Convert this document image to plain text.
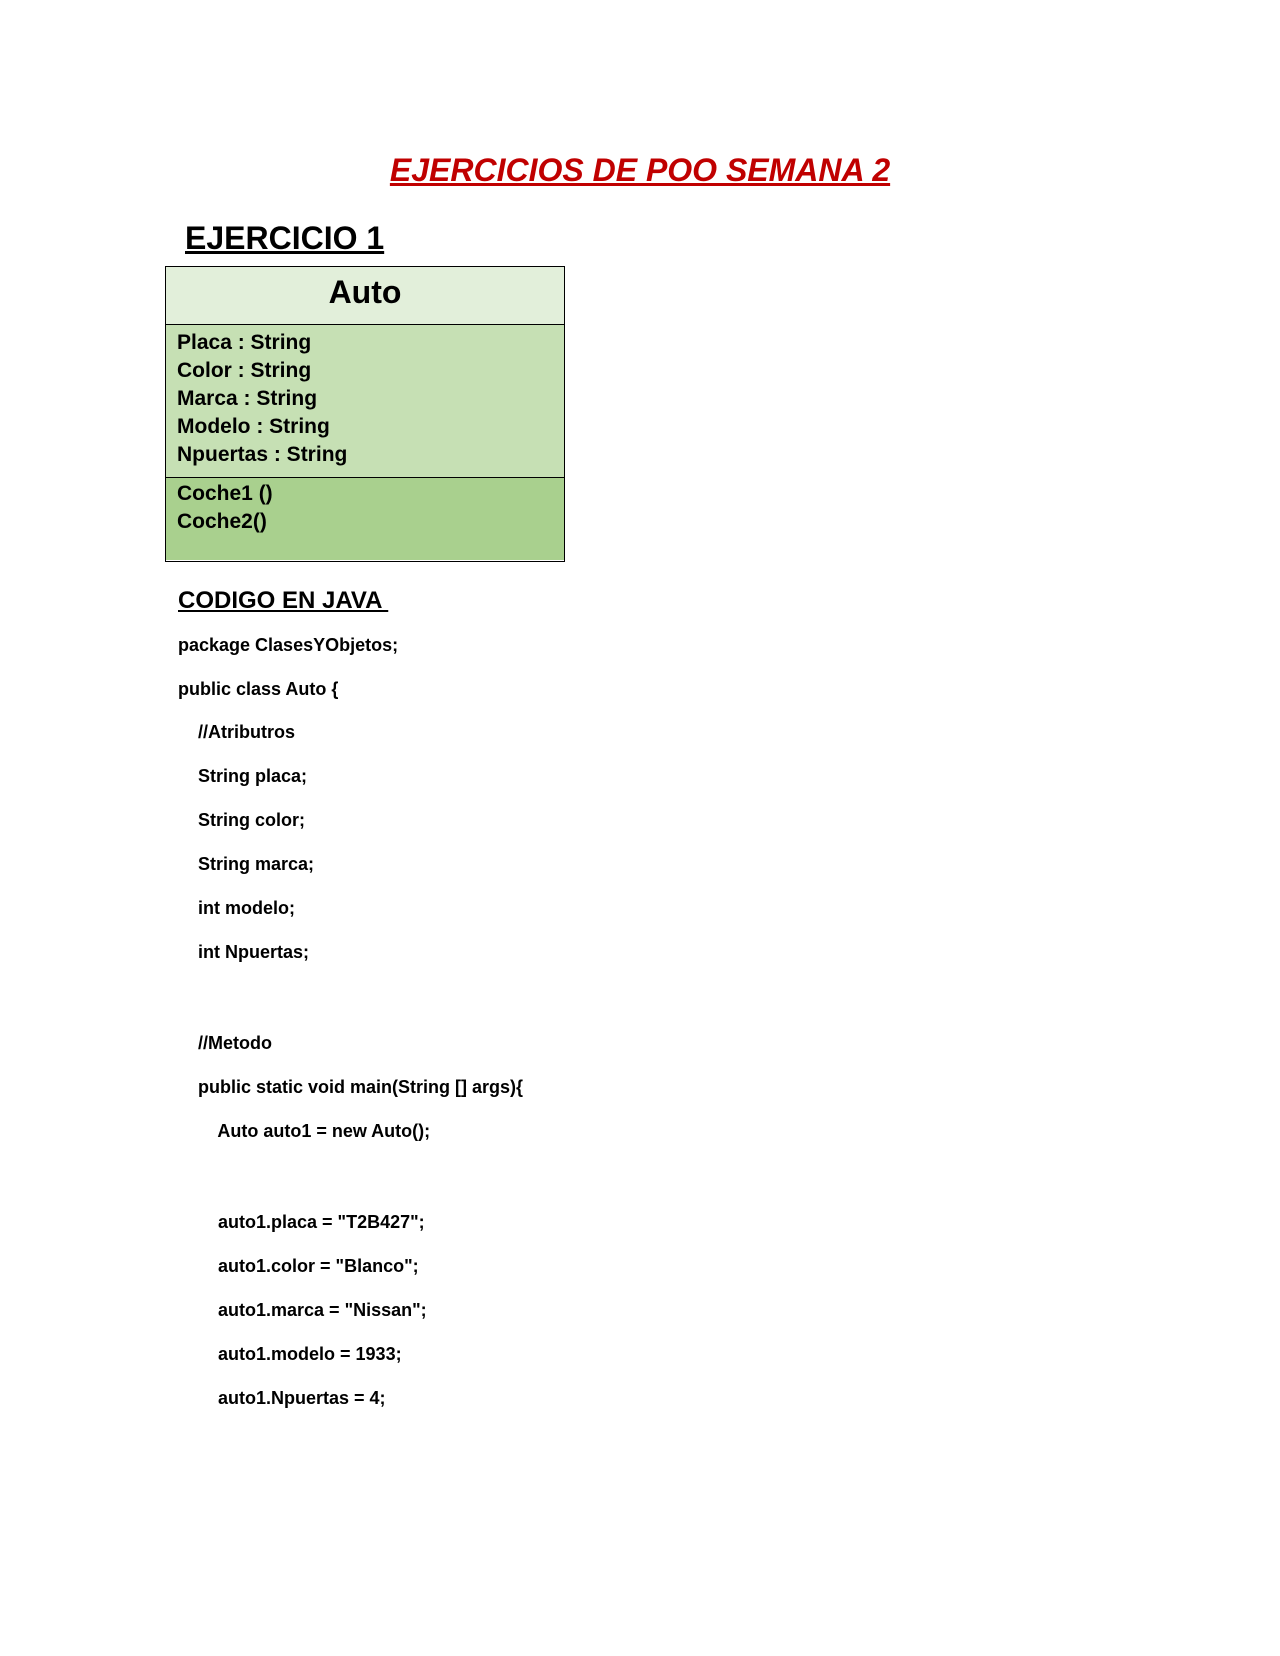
EJERCICIOS DE POO SEMANA 2
EJERCICIO 1
Auto
Placa : String
Color : String
Marca : String
Modelo : String
Npuertas : String
Coche1 ()
Coche2()
CODIGO EN JAVA
package ClasesYObjetos;
public class Auto {
//Atributros
String placa;
String color;
String marca;
int modelo;
int Npuertas;
//Metodo
public static void main(String [] args){
Auto auto1 = new Auto();
auto1.placa = "T2B427";
auto1.color = "Blanco";
auto1.marca = "Nissan";
auto1.modelo = 1933;
auto1.Npuertas = 4;
